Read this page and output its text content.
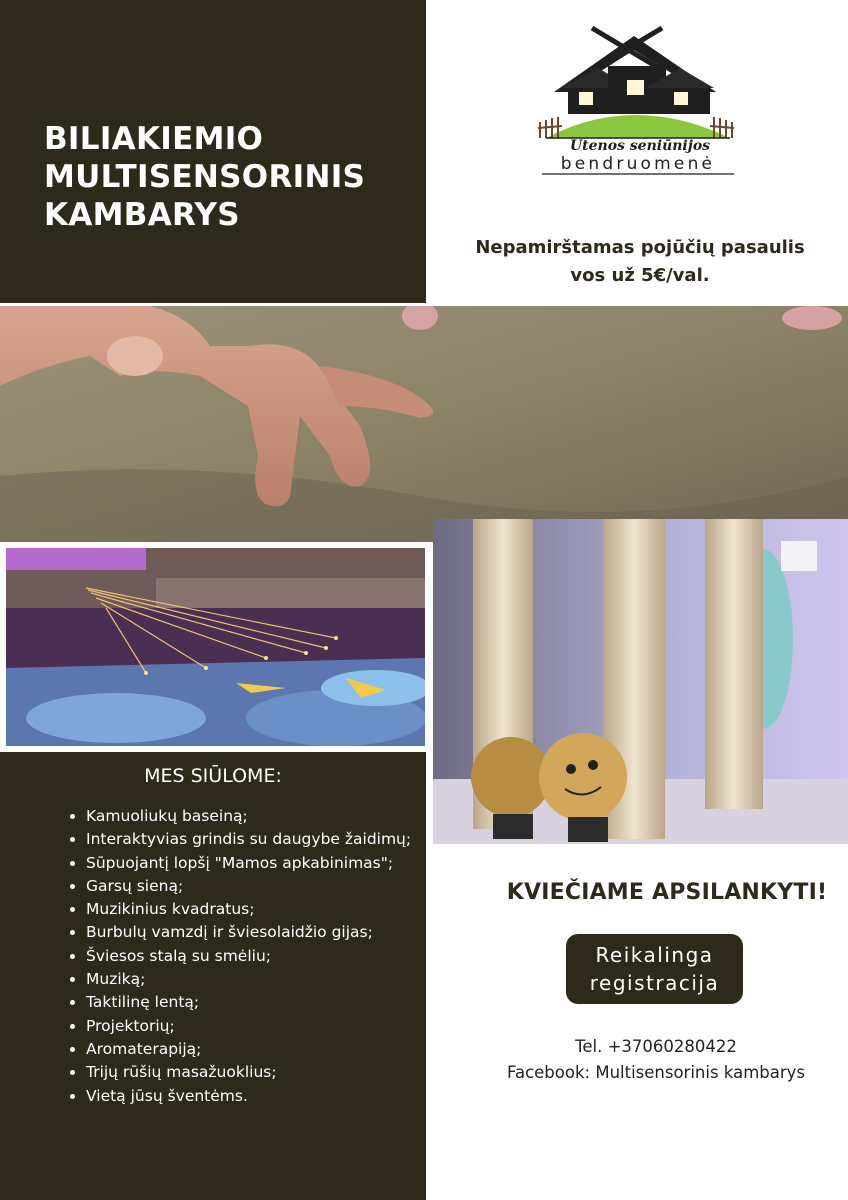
BILIAKIEMIO
MULTISENSORINIS
KAMBARYS

Utenos seniūnijos

bendruomenė

Nepamirštamas pojūčių pasaulis
vos už 5€/val.

MES SIŪLOME:

• Kamuoliukų baseiną;
• Interaktyvias grindis su daugybe žaidimų;
• Sūpuojantį lopšį "Mamos apkabinimas";
• Garsų sieną;
• Muzikinius kvadratus;
• Burbulų vamzdį ir šviesolaidžio gijas;
• Šviesos stalą su smėliu;
• Muziką;
• Taktilinę lentą;
• Projektorių;
• Aromaterapiją;
• Trijų rūšių masažuoklius;
• Vietą jūsų šventėms.

KVIEČIAME APSILANKYTI!

Reikalinga
registracija
Tel. +37060280422
Facebook: Multisensorinis kambarys
